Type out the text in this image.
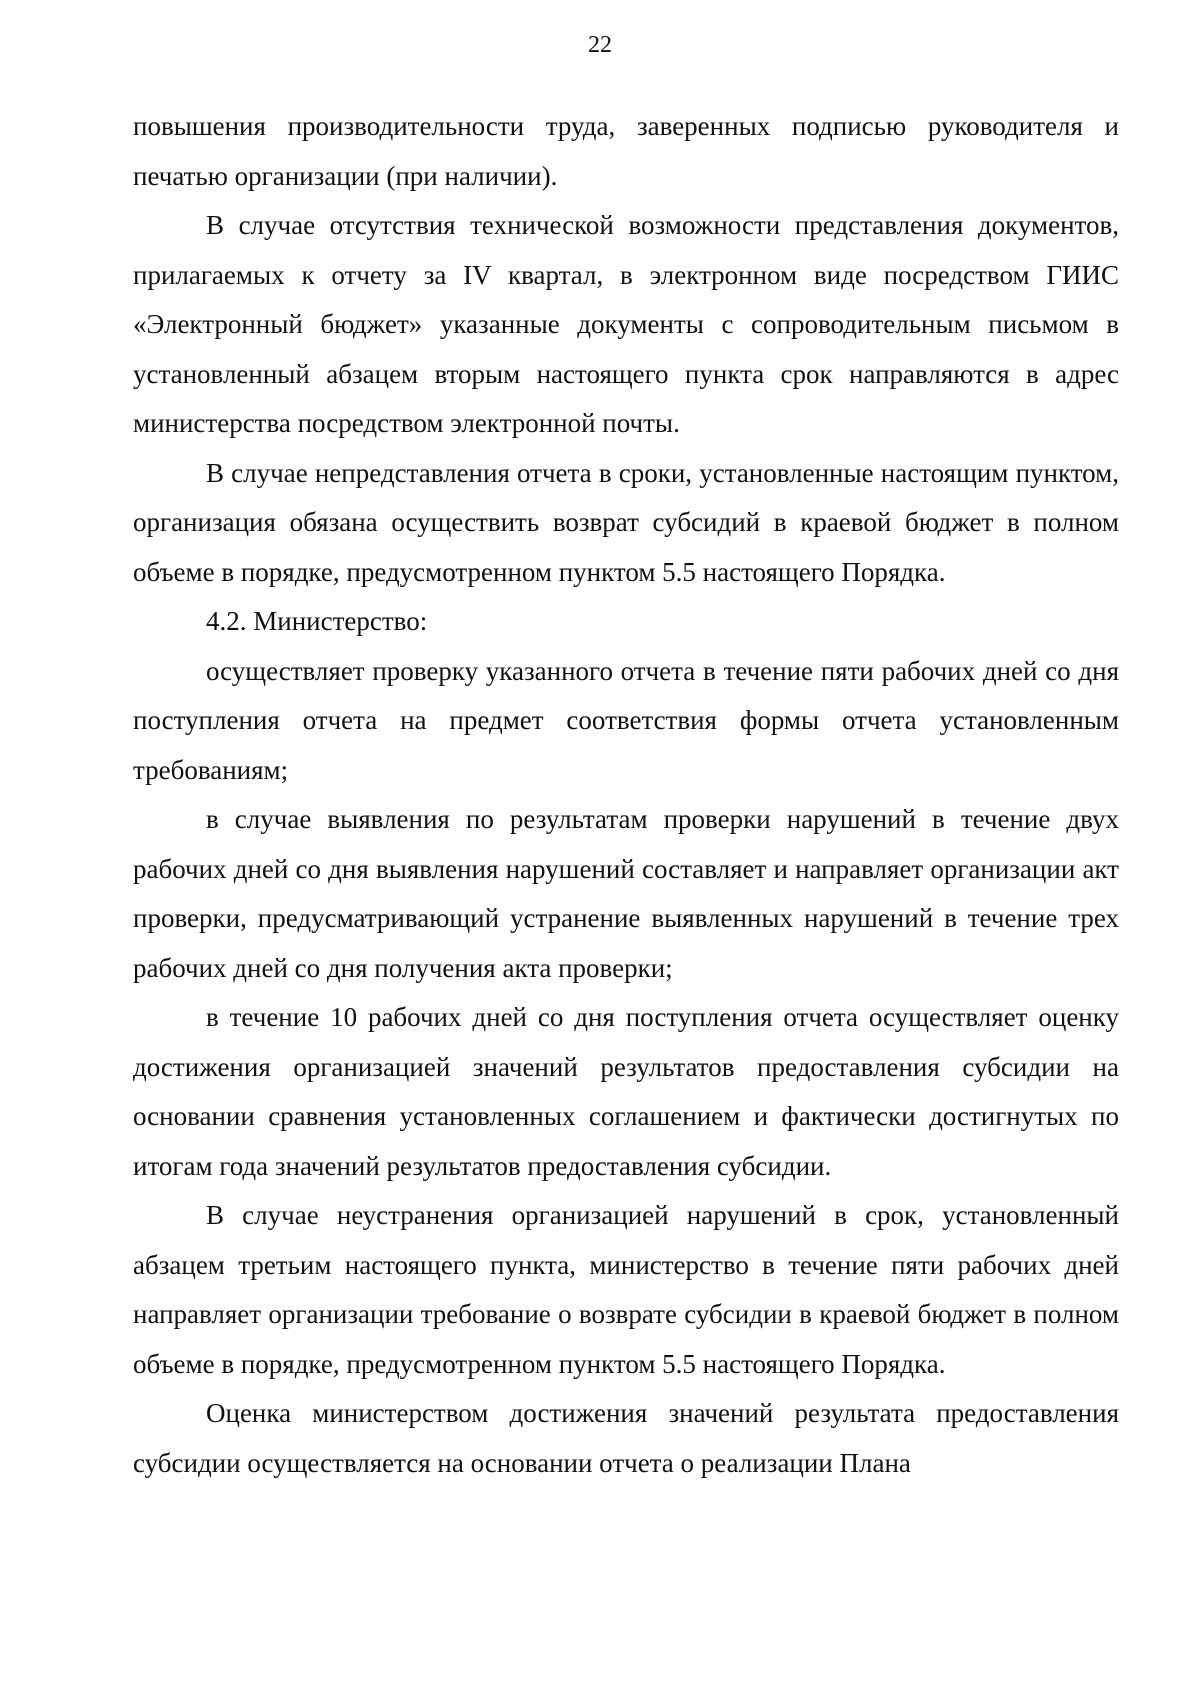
22

повышения производительности труда, заверенных подписью руководителя и печатью организации (при наличии).

В случае отсутствия технической возможности представления документов, прилагаемых к отчету за IV квартал, в электронном виде посредством ГИИС «Электронный бюджет» указанные документы с сопроводительным письмом в установленный абзацем вторым настоящего пункта срок направляются в адрес министерства посредством электронной почты.

В случае непредставления отчета в сроки, установленные настоящим пунктом, организация обязана осуществить возврат субсидий в краевой бюджет в полном объеме в порядке, предусмотренном пунктом 5.5 настоящего Порядка.

4.2. Министерство:

осуществляет проверку указанного отчета в течение пяти рабочих дней со дня поступления отчета на предмет соответствия формы отчета установленным требованиям;

в случае выявления по результатам проверки нарушений в течение двух рабочих дней со дня выявления нарушений составляет и направляет организации акт проверки, предусматривающий устранение выявленных нарушений в течение трех рабочих дней со дня получения акта проверки;

в течение 10 рабочих дней со дня поступления отчета осуществляет оценку достижения организацией значений результатов предоставления субсидии на основании сравнения установленных соглашением и фактически достигнутых по итогам года значений результатов предоставления субсидии.

В случае неустранения организацией нарушений в срок, установленный абзацем третьим настоящего пункта, министерство в течение пяти рабочих дней направляет организации требование о возврате субсидии в краевой бюджет в полном объеме в порядке, предусмотренном пунктом 5.5 настоящего Порядка.

Оценка министерством достижения значений результата предоставления субсидии осуществляется на основании отчета о реализации Плана
